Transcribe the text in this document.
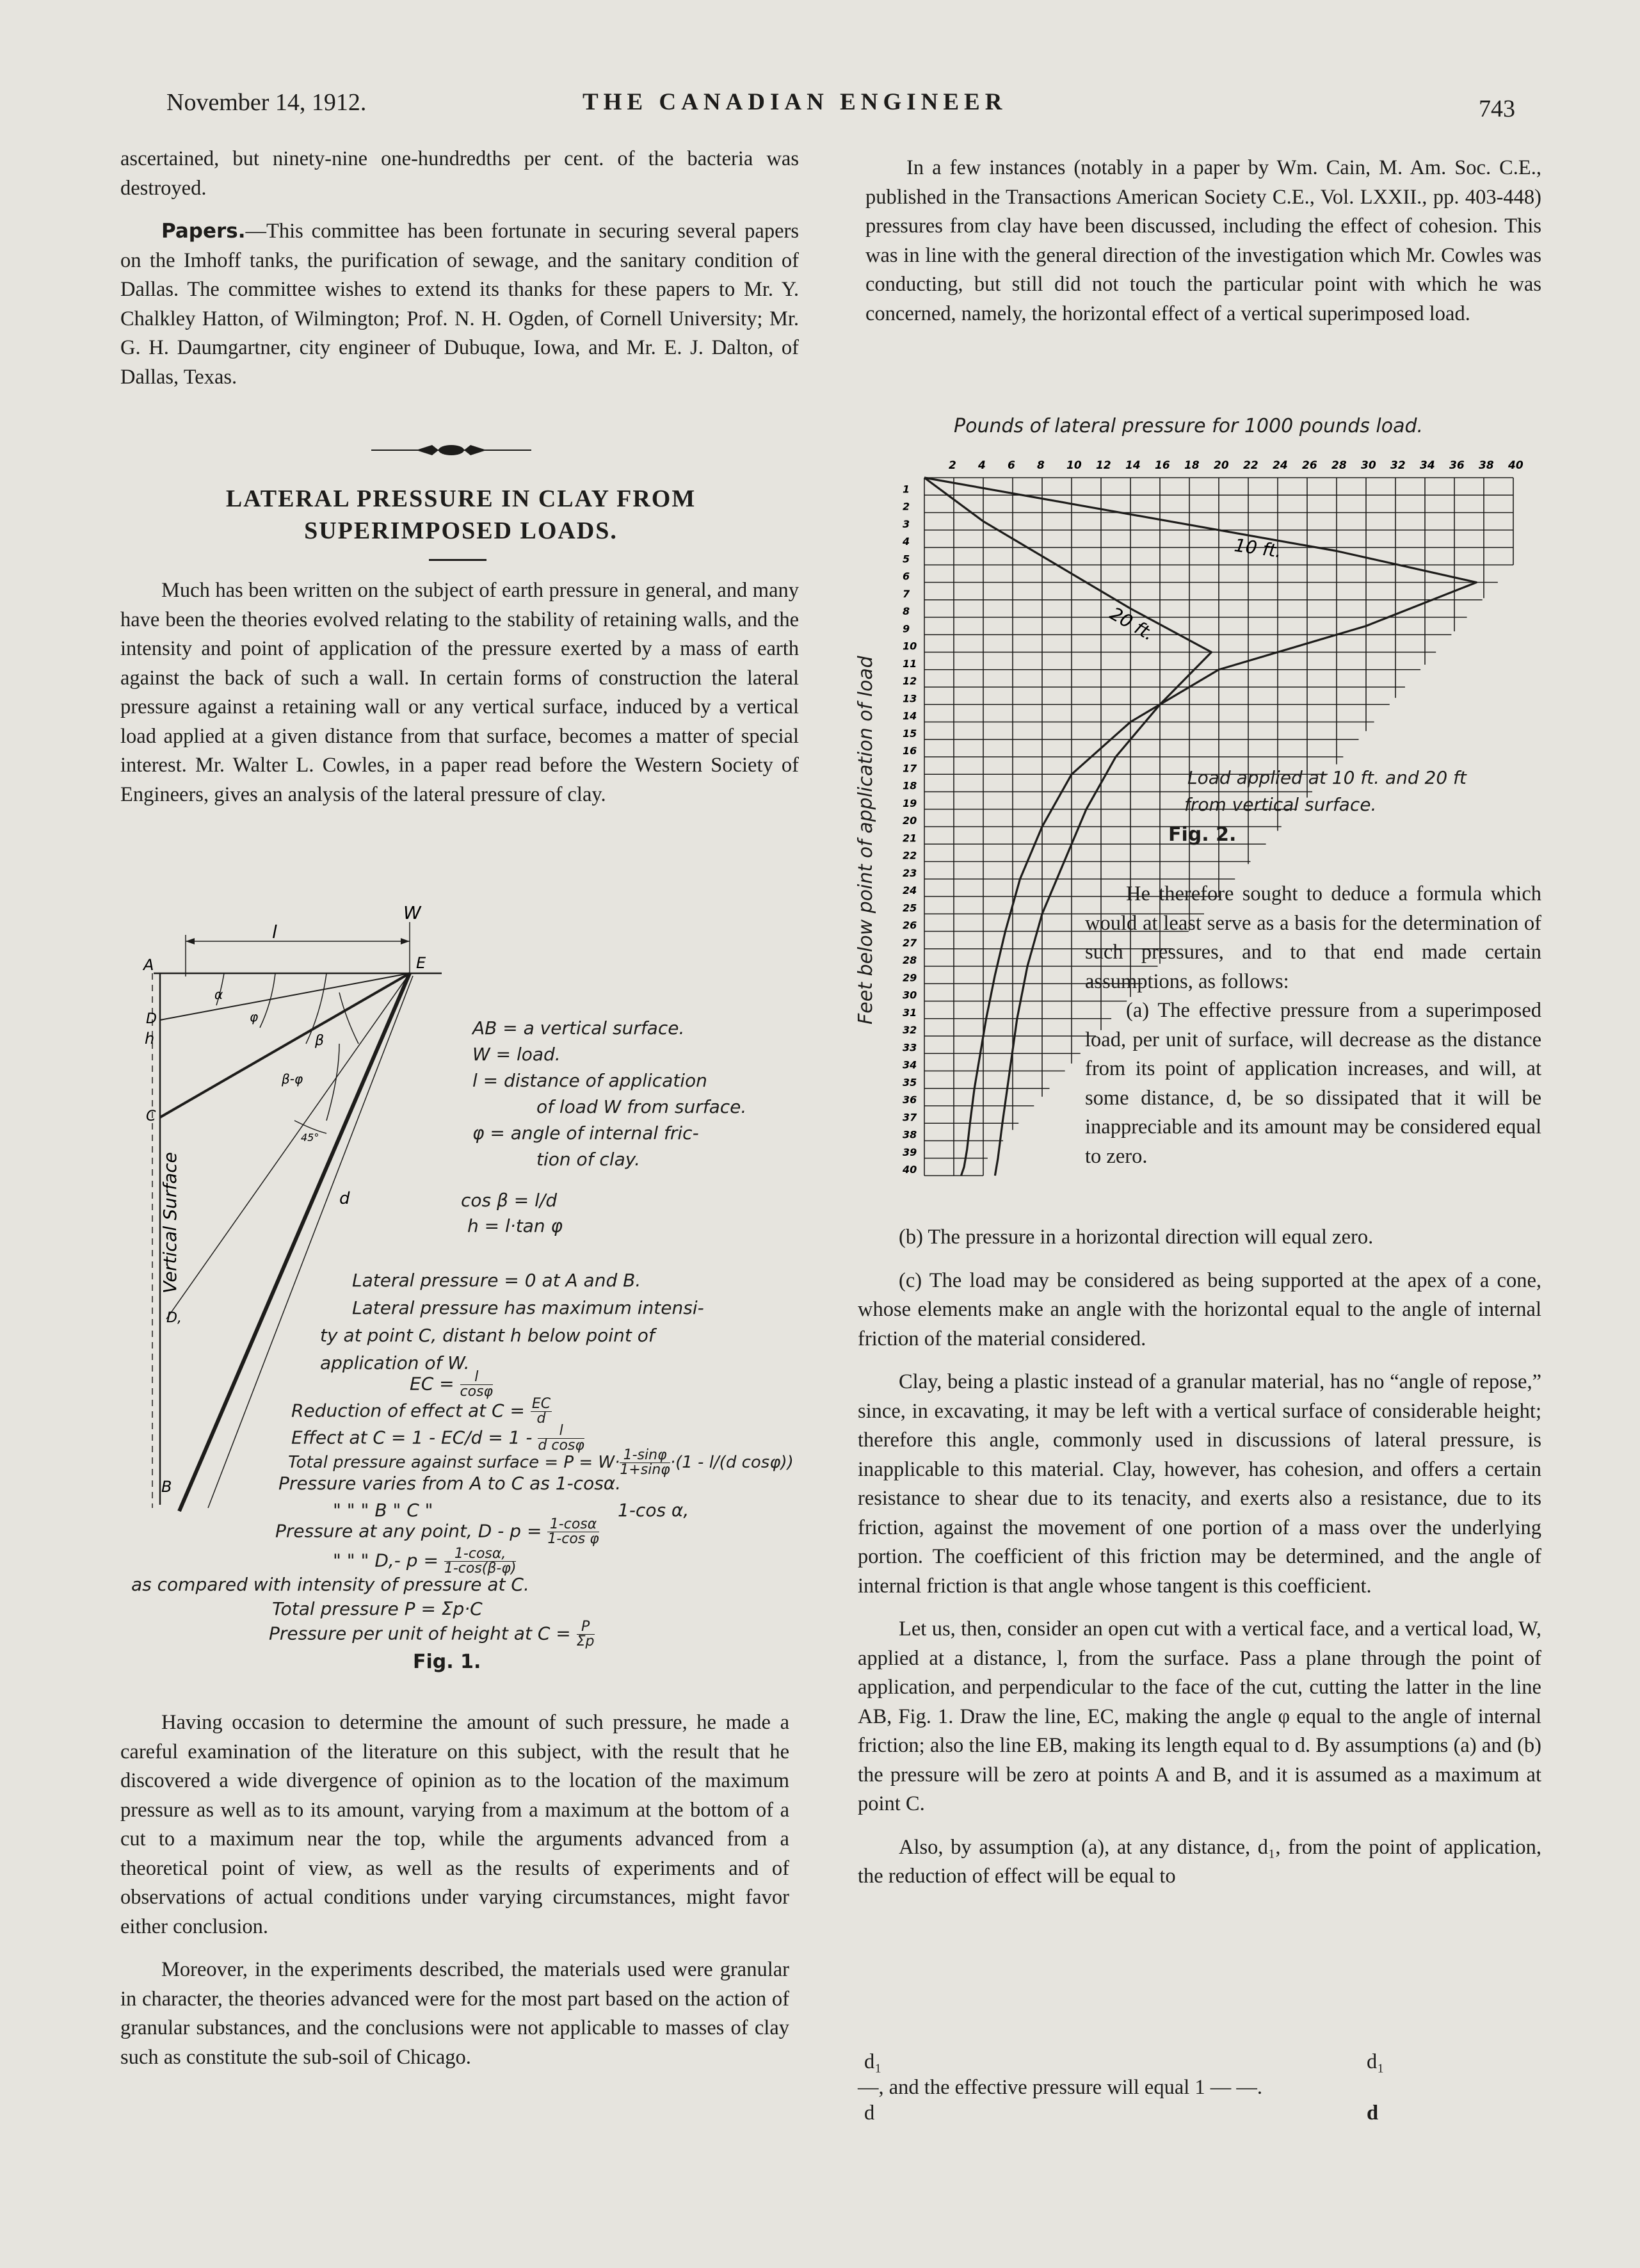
November 14, 1912.	THE CANADIAN ENGINEER	743

ascertained, but ninety-nine one-hundredths per cent. of the bacteria was destroyed.

Papers.—This committee has been fortunate in securing several papers on the Imhoff tanks, the purification of sewage, and the sanitary condition of Dallas. The committee wishes to extend its thanks for these papers to Mr. Y. Chalkley Hatton, of Wilmington; Prof. N. H. Ogden, of Cornell University; Mr. G. H. Daumgartner, city engineer of Dubuque, Iowa, and Mr. E. J. Dalton, of Dallas, Texas.

LATERAL PRESSURE IN CLAY FROM SUPERIMPOSED LOADS.

Much has been written on the subject of earth pressure in general, and many have been the theories evolved relating to the stability of retaining walls, and the intensity and point of application of the pressure exerted by a mass of earth against the back of such a wall. In certain forms of construction the lateral pressure against a retaining wall or any vertical surface, induced by a vertical load applied at a given distance from that surface, becomes a matter of special interest. Mr. Walter L. Cowles, in a paper read before the Western Society of Engineers, gives an analysis of the lateral pressure of clay.

l
W
A	E
D
h
C
D,
B
d
α
φ
β
β-φ
45°
Vertical Surface
AB = a vertical surface.
W = load.
l = distance of application
of load W from surface.
φ = angle of internal fric-
tion of clay.
cos β = l/d
h = l·tan φ
Lateral pressure = 0 at A and B.
Lateral pressure has maximum intensi-
ty at point C, distant h below point of
application of W.
EC = $\frac{l}{\cos\varphi}$
Reduction of effect at $C = \frac{EC}{d}$
Effect at $C = 1 - EC/d = 1 - \frac{l}{\text{d cosφ}}$
Total pressure against surface = $P = W\cdot \frac{1-\sin\varphi}{1+\sin\varphi} \cdot(1 - l/(d$ cosφ))
Pressure varies from A to C as 1-cosα.
" " " B " C "	1-cos α,
Pressure at any point, $D - p = \frac{1-\cos\alpha}{\text{1-cos φ}}$
" " " D,- $p = \frac{1-\cos\alpha,}{1-\cos(\beta-\varphi)}$
as compared with intensity of pressure at C.
Total pressure P = Σp·C
Pressure per unit of height at $C = \frac{P}{\Sigma p}$
Fig. 1.

Having occasion to determine the amount of such pressure, he made a careful examination of the literature on this subject, with the result that he discovered a wide divergence of opinion as to the location of the maximum pressure as well as to its amount, varying from a maximum at the bottom of a cut to a maximum near the top, while the arguments advanced from a theoretical point of view, as well as the results of experiments and of observations of actual conditions under varying circumstances, might favor either conclusion.

Moreover, in the experiments described, the materials used were granular in character, the theories advanced were for the most part based on the action of granular substances, and the conclusions were not applicable to masses of clay such as constitute the sub-soil of Chicago.

In a few instances (notably in a paper by Wm. Cain, M. Am. Soc. C.E., published in the Transactions American Society C.E., Vol. LXXII., pp. 403-448) pressures from clay have been discussed, including the effect of cohesion. This was in line with the general direction of the investigation which Mr. Cowles was conducting, but still did not touch the particular point with which he was concerned, namely, the horizontal effect of a vertical superimposed load.

Pounds of lateral pressure for 1000 pounds load.
Feet below point of application of load
2 4 6 8 10 12 14 16 18 20 22 24 26 28 30 32 34 36 38 40
1
2
3
4
5
6
7
8
9
10
11
12
13
14
15
16
17
18
19
20
21
22
23
24
25
26
27
28
29
30
31
32
33
34
35
36
37
38
39
40
10 ft.
20 ft.
Load applied at 10 ft. and 20 ft
from vertical surface.
Fig. 2.

He therefore sought to deduce a formula which would at least serve as a basis for the determination of such pressures, and to that end made certain assumptions, as follows:

(a) The effective pressure from a superimposed load, per unit of surface, will decrease as the distance from its point of application increases, and will, at some distance, d, be so dissipated that it will be inappreciable and its amount may be considered equal to zero.

(b) The pressure in a horizontal direction will equal zero.

(c) The load may be considered as being supported at the apex of a cone, whose elements make an angle with the horizontal equal to the angle of internal friction of the material considered.

Clay, being a plastic instead of a granular material, has no “angle of repose,” since, in excavating, it may be left with a vertical surface of considerable height; therefore this angle, commonly used in discussions of lateral pressure, is inapplicable to this material. Clay, however, has cohesion, and offers a certain resistance to shear due to its tenacity, and exerts also a resistance, due to its friction, against the movement of one portion of a mass over the underlying portion. The coefficient of this friction may be determined, and the angle of internal friction is that angle whose tangent is this coefficient.

Let us, then, consider an open cut with a vertical face, and a vertical load, W, applied at a distance, l, from the surface. Pass a plane through the point of application, and perpendicular to the face of the cut, cutting the latter in the line AB, Fig. 1. Draw the line, EC, making the angle φ equal to the angle of internal friction; also the line EB, making its length equal to d. By assumptions (a) and (b) the pressure will be zero at points A and B, and it is assumed as a maximum at point C.

Also, by assumption (a), at any distance, d₁, from the point of application, the reduction of effect will be equal to

d₁	d₁
—, and the effective pressure will equal 1 — —.
d	d
